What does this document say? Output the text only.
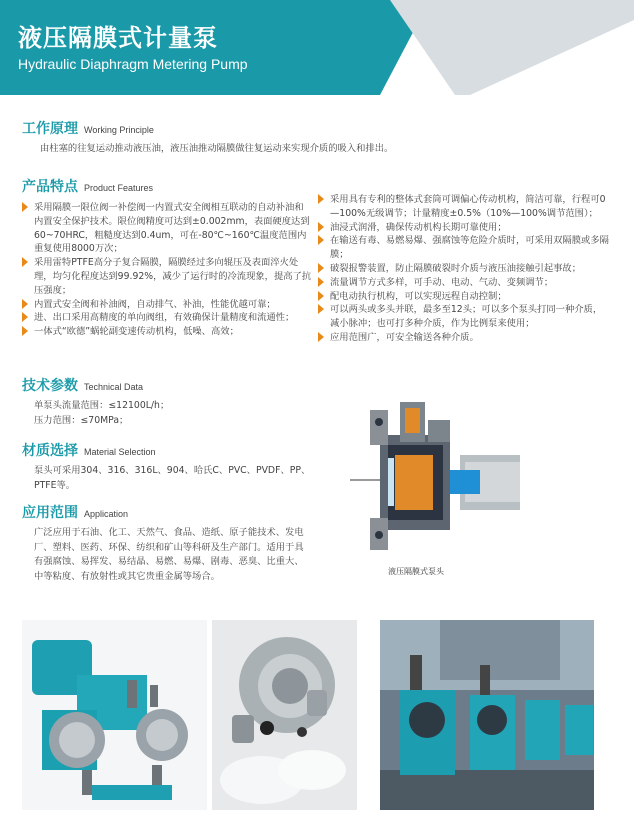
液压隔膜式计量泵
Hydraulic Diaphragm Metering Pump
工作原理 Working Principle
由柱塞的往复运动推动液压油，液压油推动隔膜做往复运动来实现介质的吸入和排出。
产品特点 Product Features
采用隔膜一限位阀一补偿阀一内置式安全阀相互联动的自动补油和内置安全保护技术。限位阀精度可达到±0.002mm，表面硬度达到60~70HRC，粗糙度达到0.4um，可在-80℃~160℃温度范围内重复使用8000万次；
采用雷特PTFE高分子复合隔膜，隔膜经过多向辊压及表面淬火处理，均匀化程度达到99.92%，减少了运行时的冷流现象，提高了抗压强度；
内置式安全阀和补油阀，自动排气、补油，性能优越可靠；
进、出口采用高精度的单向阀组，有效确保计量精度和流通性；
一体式“欧德”蜗轮副变速传动机构，低噪、高效；
采用具有专利的整体式套筒可调偏心传动机构，简洁可靠，行程可0—100%无级调节；计量精度±0.5%（10%—100%调节范围）；
油浸式润滑，确保传动机构长期可靠使用；
在输送有毒、易燃易爆、强腐蚀等危险介质时，可采用双隔膜或多隔膜；
破裂报警装置，防止隔膜破裂时介质与液压油接触引起事故；
流量调节方式多样，可手动、电动、气动、变频调节；
配电动执行机构，可以实现远程自动控制；
可以两头或多头并联，最多至12头；可以多个泵头打同一种介质，减小脉冲；也可打多种介质，作为比例泵来使用；
应用范围广，可安全输送各种介质。
技术参数 Technical Data
单泵头流量范围：≤12100L/h；
压力范围：≤70MPa；
材质选择 Material Selection
泵头可采用304、316、316L、904、哈氏C、PVC、PVDF、PP、PTFE等。
应用范围 Application
广泛应用于石油、化工、天然气、食品、造纸、原子能技术、发电厂、塑料、医药、环保、纺织和矿山等科研及生产部门。适用于具有强腐蚀、易挥发、易结晶、易燃、易爆、剧毒、恶臭、比重大、中等粘度、有放射性或其它贵重金属等场合。	液压隔膜式泵头
